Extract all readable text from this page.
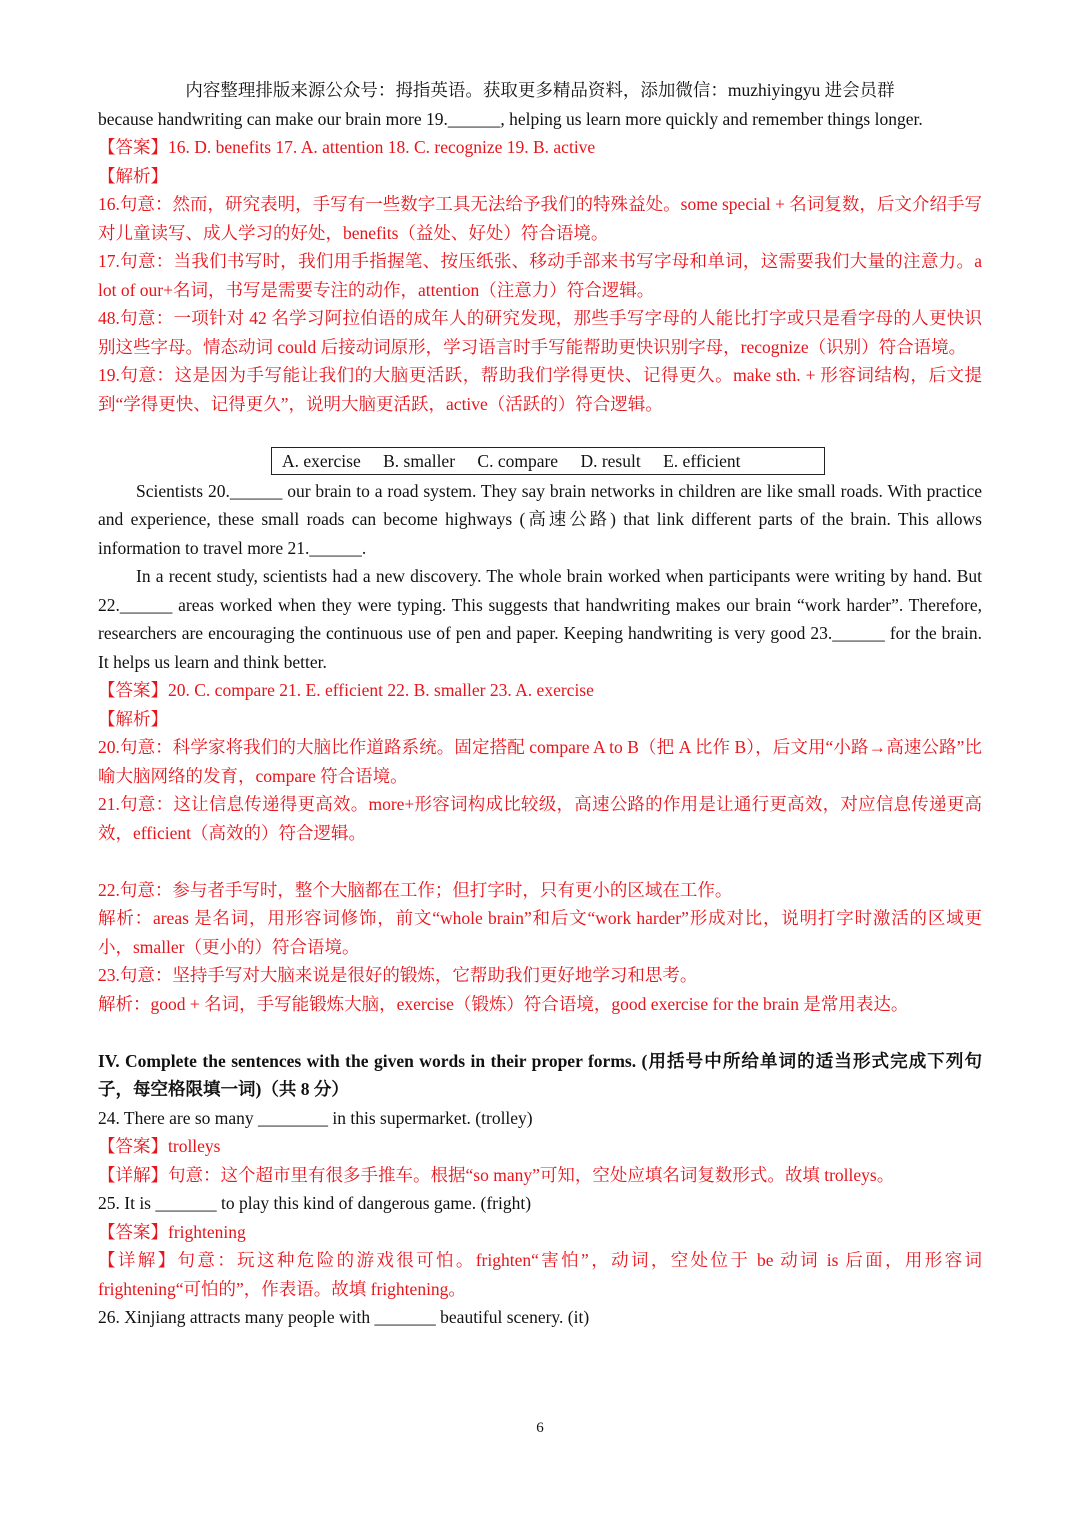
内容整理排版来源公众号：拇指英语。获取更多精品资料，添加微信：muzhiyingyu 进会员群

because handwriting can make our brain more 19.______, helping us learn more quickly and remember things longer.

【答案】16. D. benefits 17. A. attention 18. C. recognize 19. B. active

【解析】

16.句意：然而，研究表明，手写有一些数字工具无法给予我们的特殊益处。some special + 名词复数，后文介绍手写对儿童读写、成人学习的好处，benefits（益处、好处）符合语境。

17.句意：当我们书写时，我们用手指握笔、按压纸张、移动手部来书写字母和单词，这需要我们大量的注意力。a lot of our+名词，书写是需要专注的动作，attention（注意力）符合逻辑。

48.句意：一项针对 42 名学习阿拉伯语的成年人的研究发现，那些手写字母的人能比打字或只是看字母的人更快识别这些字母。情态动词 could 后接动词原形，学习语言时手写能帮助更快识别字母，recognize（识别）符合语境。

19.句意：这是因为手写能让我们的大脑更活跃，帮助我们学得更快、记得更久。make sth. + 形容词结构，后文提到“学得更快、记得更久”，说明大脑更活跃，active（活跃的）符合逻辑。

A. exercise B. smaller C. compare D. result E. efficient

Scientists 20.______ our brain to a road system. They say brain networks in children are like small roads. With practice and experience, these small roads can become highways (高速公路) that link different parts of the brain. This allows information to travel more 21.______.

In a recent study, scientists had a new discovery. The whole brain worked when participants were writing by hand. But 22.______ areas worked when they were typing. This suggests that handwriting makes our brain “work harder”. Therefore, researchers are encouraging the continuous use of pen and paper. Keeping handwriting is very good 23.______ for the brain. It helps us learn and think better.

【答案】20. C. compare 21. E. efficient 22. B. smaller 23. A. exercise

【解析】

20.句意：科学家将我们的大脑比作道路系统。固定搭配 compare A to B（把 A 比作 B），后文用“小路→高速公路”比喻大脑网络的发育，compare 符合语境。

21.句意：这让信息传递得更高效。more+形容词构成比较级，高速公路的作用是让通行更高效，对应信息传递更高效，efficient（高效的）符合逻辑。

22.句意：参与者手写时，整个大脑都在工作；但打字时，只有更小的区域在工作。

解析：areas 是名词，用形容词修饰，前文“whole brain”和后文“work harder”形成对比，说明打字时激活的区域更小，smaller（更小的）符合语境。

23.句意：坚持手写对大脑来说是很好的锻炼，它帮助我们更好地学习和思考。

解析：good + 名词，手写能锻炼大脑，exercise（锻炼）符合语境，good exercise for the brain 是常用表达。

IV. Complete the sentences with the given words in their proper forms. (用括号中所给单词的适当形式完成下列句子，每空格限填一词)（共 8 分）

24. There are so many ________ in this supermarket. (trolley)

【答案】trolleys

【详解】句意：这个超市里有很多手推车。根据“so many”可知，空处应填名词复数形式。故填 trolleys。

25. It is _______ to play this kind of dangerous game. (fright)

【答案】frightening

【详解】句意：玩这种危险的游戏很可怕。frighten“害怕”，动词，空处位于 be 动词 is 后面，用形容词 frightening“可怕的”，作表语。故填 frightening。

26. Xinjiang attracts many people with _______ beautiful scenery. (it)

6
